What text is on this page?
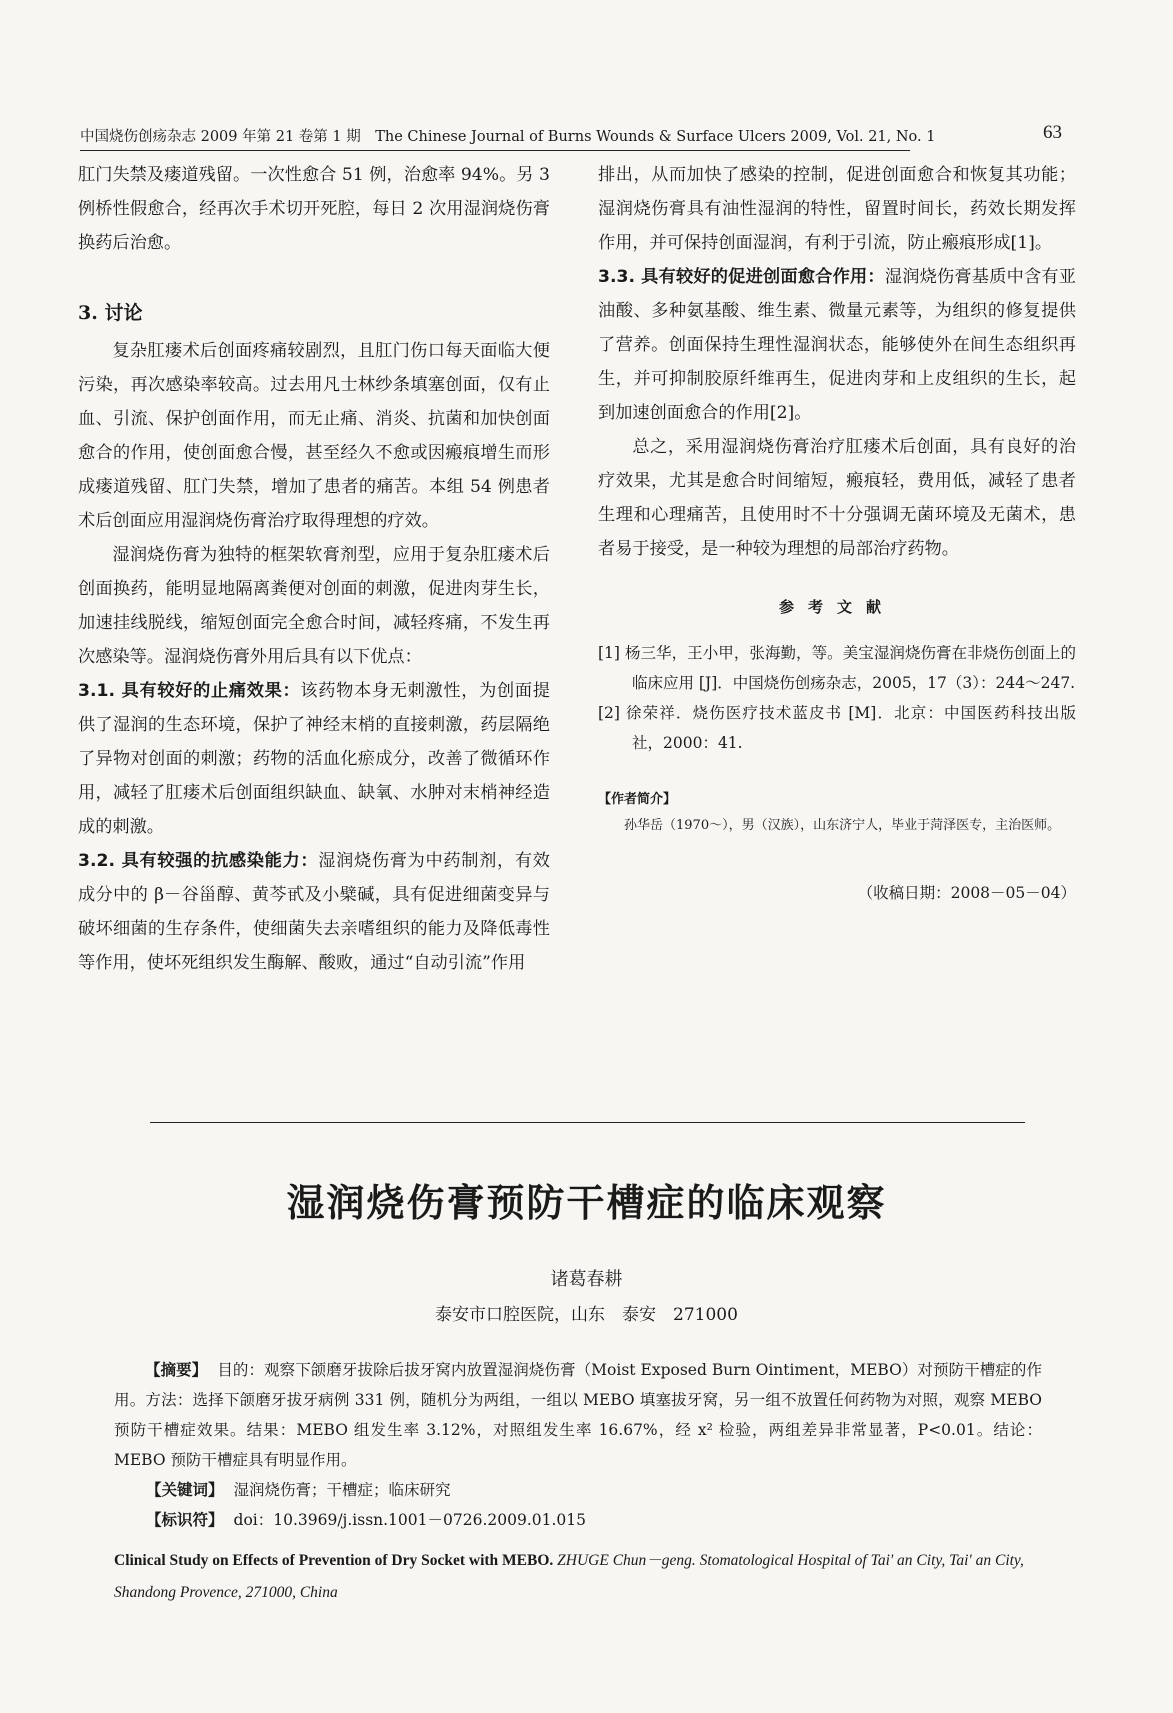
中国烧伤创疡杂志 2009 年第 21 卷第 1 期　The Chinese Journal of Burns Wounds & Surface Ulcers 2009, Vol. 21, No. 1	63

肛门失禁及瘘道残留。一次性愈合 51 例，治愈率 94%。另 3 例桥性假愈合，经再次手术切开死腔，每日 2 次用湿润烧伤膏换药后治愈。

3. 讨论

复杂肛瘘术后创面疼痛较剧烈，且肛门伤口每天面临大便污染，再次感染率较高。过去用凡士林纱条填塞创面，仅有止血、引流、保护创面作用，而无止痛、消炎、抗菌和加快创面愈合的作用，使创面愈合慢，甚至经久不愈或因瘢痕增生而形成瘘道残留、肛门失禁，增加了患者的痛苦。本组 54 例患者术后创面应用湿润烧伤膏治疗取得理想的疗效。

湿润烧伤膏为独特的框架软膏剂型，应用于复杂肛瘘术后创面换药，能明显地隔离粪便对创面的刺激，促进肉芽生长，加速挂线脱线，缩短创面完全愈合时间，减轻疼痛，不发生再次感染等。湿润烧伤膏外用后具有以下优点：

3.1. 具有较好的止痛效果：该药物本身无刺激性，为创面提供了湿润的生态环境，保护了神经末梢的直接刺激，药层隔绝了异物对创面的刺激；药物的活血化瘀成分，改善了微循环作用，减轻了肛瘘术后创面组织缺血、缺氧、水肿对末梢神经造成的刺激。

3.2. 具有较强的抗感染能力：湿润烧伤膏为中药制剂，有效成分中的 β－谷甾醇、黄芩甙及小檗碱，具有促进细菌变异与破坏细菌的生存条件，使细菌失去亲嗜组织的能力及降低毒性等作用，使坏死组织发生酶解、酸败，通过“自动引流”作用

排出，从而加快了感染的控制，促进创面愈合和恢复其功能；湿润烧伤膏具有油性湿润的特性，留置时间长，药效长期发挥作用，并可保持创面湿润，有利于引流，防止瘢痕形成[1]。

3.3. 具有较好的促进创面愈合作用：湿润烧伤膏基质中含有亚油酸、多种氨基酸、维生素、微量元素等，为组织的修复提供了营养。创面保持生理性湿润状态，能够使外在间生态组织再生，并可抑制胶原纤维再生，促进肉芽和上皮组织的生长，起到加速创面愈合的作用[2]。

总之，采用湿润烧伤膏治疗肛瘘术后创面，具有良好的治疗效果，尤其是愈合时间缩短，瘢痕轻，费用低，减轻了患者生理和心理痛苦，且使用时不十分强调无菌环境及无菌术，患者易于接受，是一种较为理想的局部治疗药物。

参考文献

[1] 杨三华，王小甲，张海勤，等。美宝湿润烧伤膏在非烧伤创面上的临床应用 [J]．中国烧伤创疡杂志，2005，17（3）：244～247.

[2] 徐荣祥．烧伤医疗技术蓝皮书 [M]．北京：中国医药科技出版社，2000：41.

【作者简介】

孙华岳（1970～），男（汉族），山东济宁人，毕业于菏泽医专，主治医师。

（收稿日期：2008－05－04）

湿润烧伤膏预防干槽症的临床观察
诸葛春耕
泰安市口腔医院，山东　泰安　271000

【摘要】 目的：观察下颌磨牙拔除后拔牙窝内放置湿润烧伤膏（Moist Exposed Burn Ointiment，MEBO）对预防干槽症的作用。方法：选择下颌磨牙拔牙病例 331 例，随机分为两组，一组以 MEBO 填塞拔牙窝，另一组不放置任何药物为对照，观察 MEBO 预防干槽症效果。结果：MEBO 组发生率 3.12%，对照组发生率 16.67%，经 x² 检验，两组差异非常显著，P<0.01。结论：MEBO 预防干槽症具有明显作用。

【关键词】 湿润烧伤膏；干槽症；临床研究

【标识符】 doi：10.3969/j.issn.1001－0726.2009.01.015

Clinical Study on Effects of Prevention of Dry Socket with MEBO. ZHUGE Chun－geng. Stomatological Hospital of Tai' an City, Tai' an City, Shandong Provence, 271000, China
